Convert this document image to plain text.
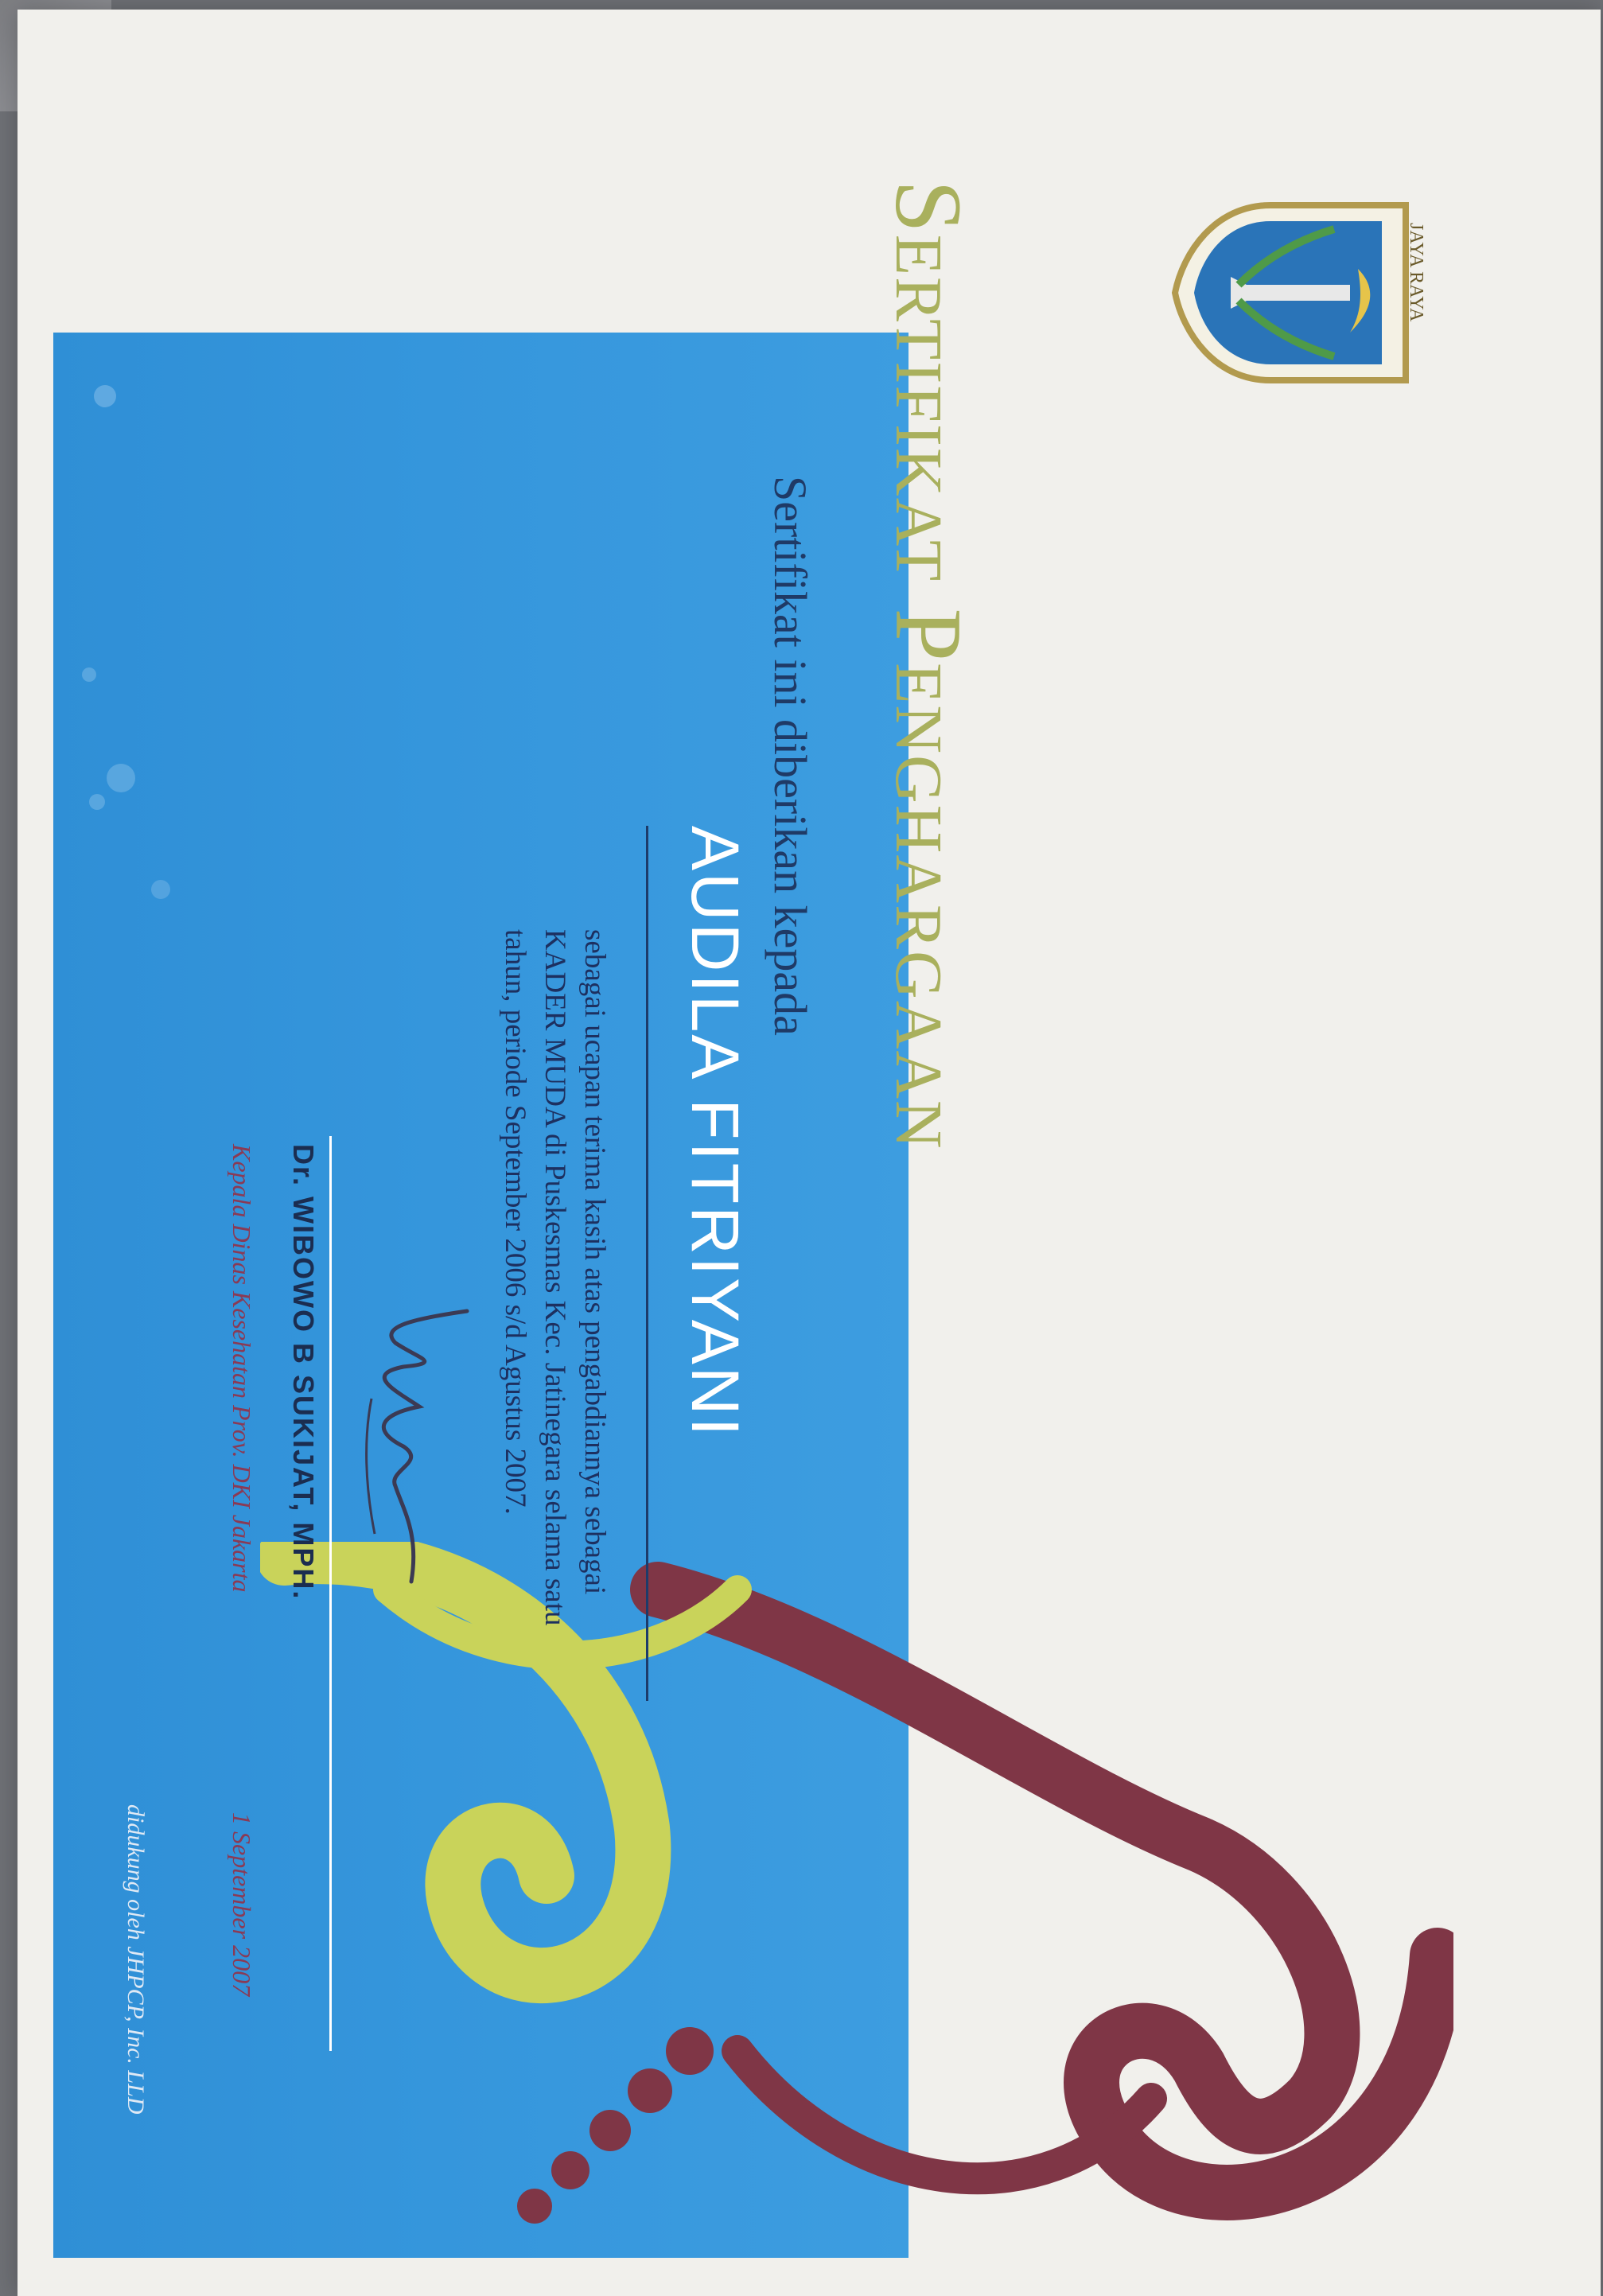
Sertifikat Penghargaan	JAYA RAYA
Sertifikat ini diberikan kepada
AUDILA FITRIYANI
sebagai ucapan terima kasih atas pengabdiannya sebagai
KADER MUDA di Puskesmas Kec. Jatinegara selama satu
tahun, periode September 2006 s/d Agustus 2007.
Dr. WIBOWO B SUKIJAT, MPH.
Kepala Dinas Kesehatan Prov. DKI Jakarta
1 September 2007
didukung oleh JHPCP, Inc. LLD
